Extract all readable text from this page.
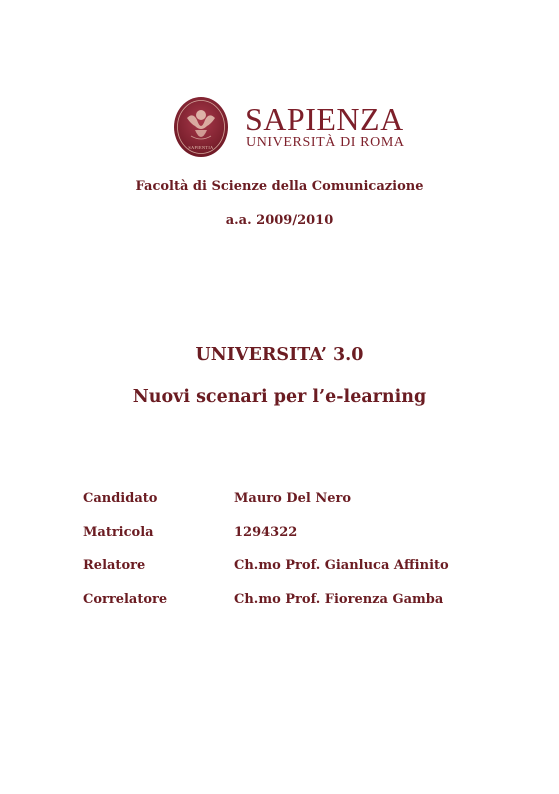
SAPIENTIA
SAPIENZA
UNIVERSITÀ DI ROMA
Facoltà di Scienze della Comunicazione
a.a. 2009/2010
UNIVERSITA’ 3.0
Nuovi scenari per l’e-learning
Candidato	Mauro Del Nero
Matricola	1294322
Relatore	Ch.mo Prof. Gianluca Affinito
Correlatore	Ch.mo Prof. Fiorenza Gamba
